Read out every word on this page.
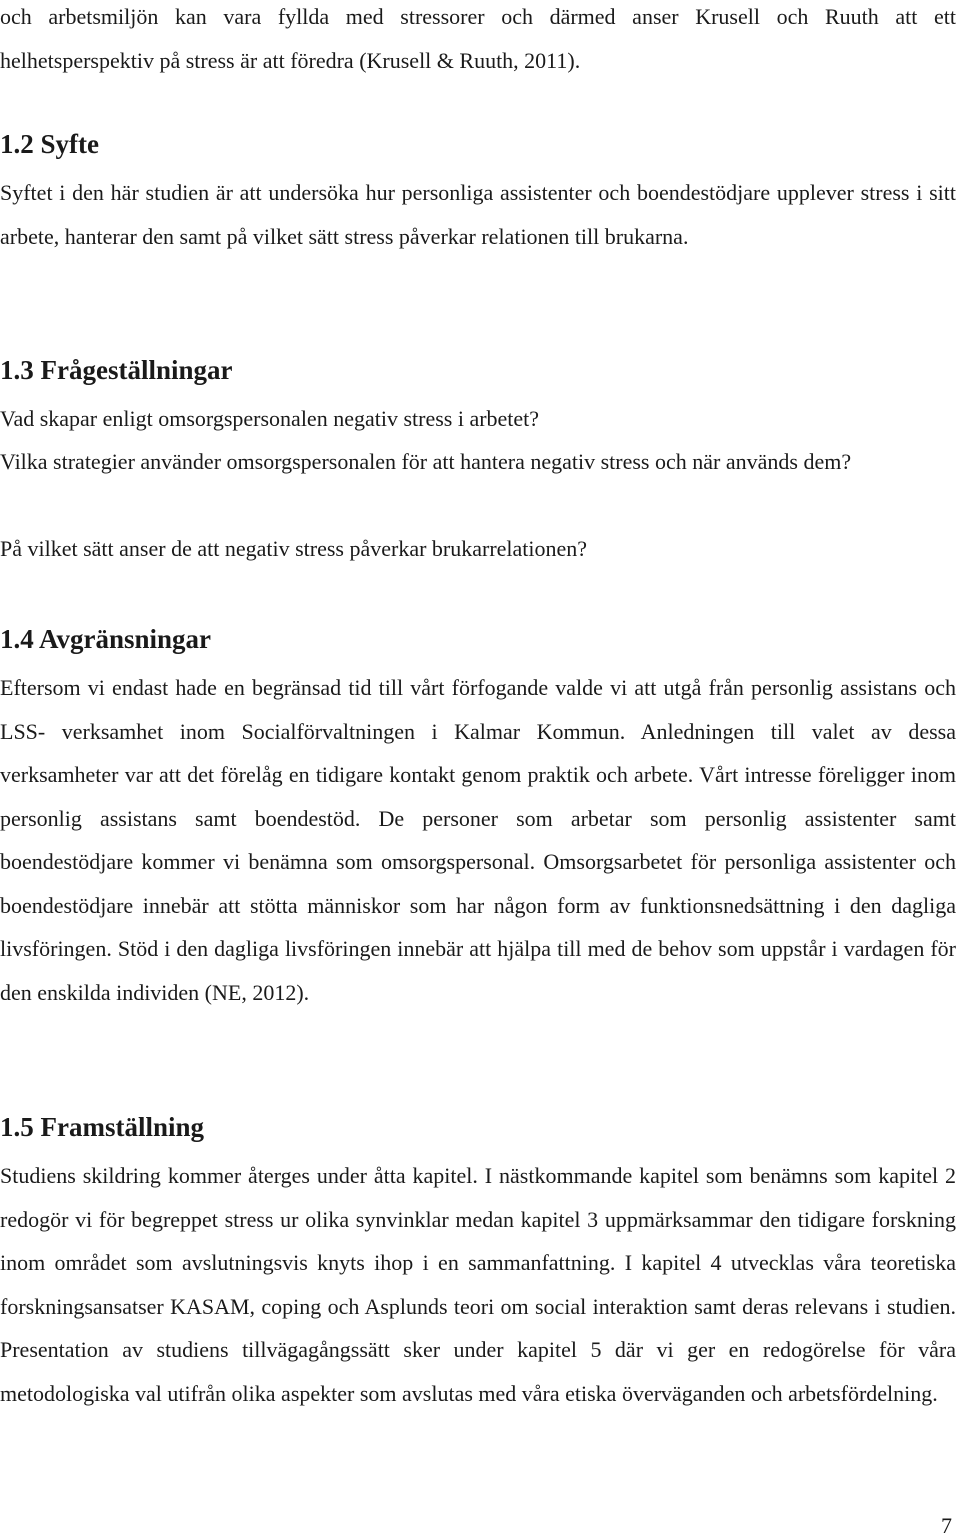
och arbetsmiljön kan vara fyllda med stressorer och därmed anser Krusell och Ruuth att ett helhetsperspektiv på stress är att föredra (Krusell & Ruuth, 2011).

1.2 Syfte

Syftet i den här studien är att undersöka hur personliga assistenter och boendestödjare upplever stress i sitt arbete, hanterar den samt på vilket sätt stress påverkar relationen till brukarna.

1.3 Frågeställningar

Vad skapar enligt omsorgspersonalen negativ stress i arbetet?

Vilka strategier använder omsorgspersonalen för att hantera negativ stress och när används dem?

På vilket sätt anser de att negativ stress påverkar brukarrelationen?

1.4 Avgränsningar

Eftersom vi endast hade en begränsad tid till vårt förfogande valde vi att utgå från personlig assistans och LSS- verksamhet inom Socialförvaltningen i Kalmar Kommun. Anledningen till valet av dessa verksamheter var att det förelåg en tidigare kontakt genom praktik och arbete. Vårt intresse föreligger inom personlig assistans samt boendestöd. De personer som arbetar som personlig assistenter samt boendestödjare kommer vi benämna som omsorgspersonal. Omsorgsarbetet för personliga assistenter och boendestödjare innebär att stötta människor som har någon form av funktionsnedsättning i den dagliga livsföringen. Stöd i den dagliga livsföringen innebär att hjälpa till med de behov som uppstår i vardagen för den enskilda individen (NE, 2012).

1.5 Framställning

Studiens skildring kommer återges under åtta kapitel. I nästkommande kapitel som benämns som kapitel 2 redogör vi för begreppet stress ur olika synvinklar medan kapitel 3 uppmärksammar den tidigare forskning inom området som avslutningsvis knyts ihop i en sammanfattning. I kapitel 4 utvecklas våra teoretiska forskningsansatser KASAM, coping och Asplunds teori om social interaktion samt deras relevans i studien. Presentation av studiens tillvägagångssätt sker under kapitel 5 där vi ger en redogörelse för våra metodologiska val utifrån olika aspekter som avslutas med våra etiska överväganden och arbetsfördelning.

7
